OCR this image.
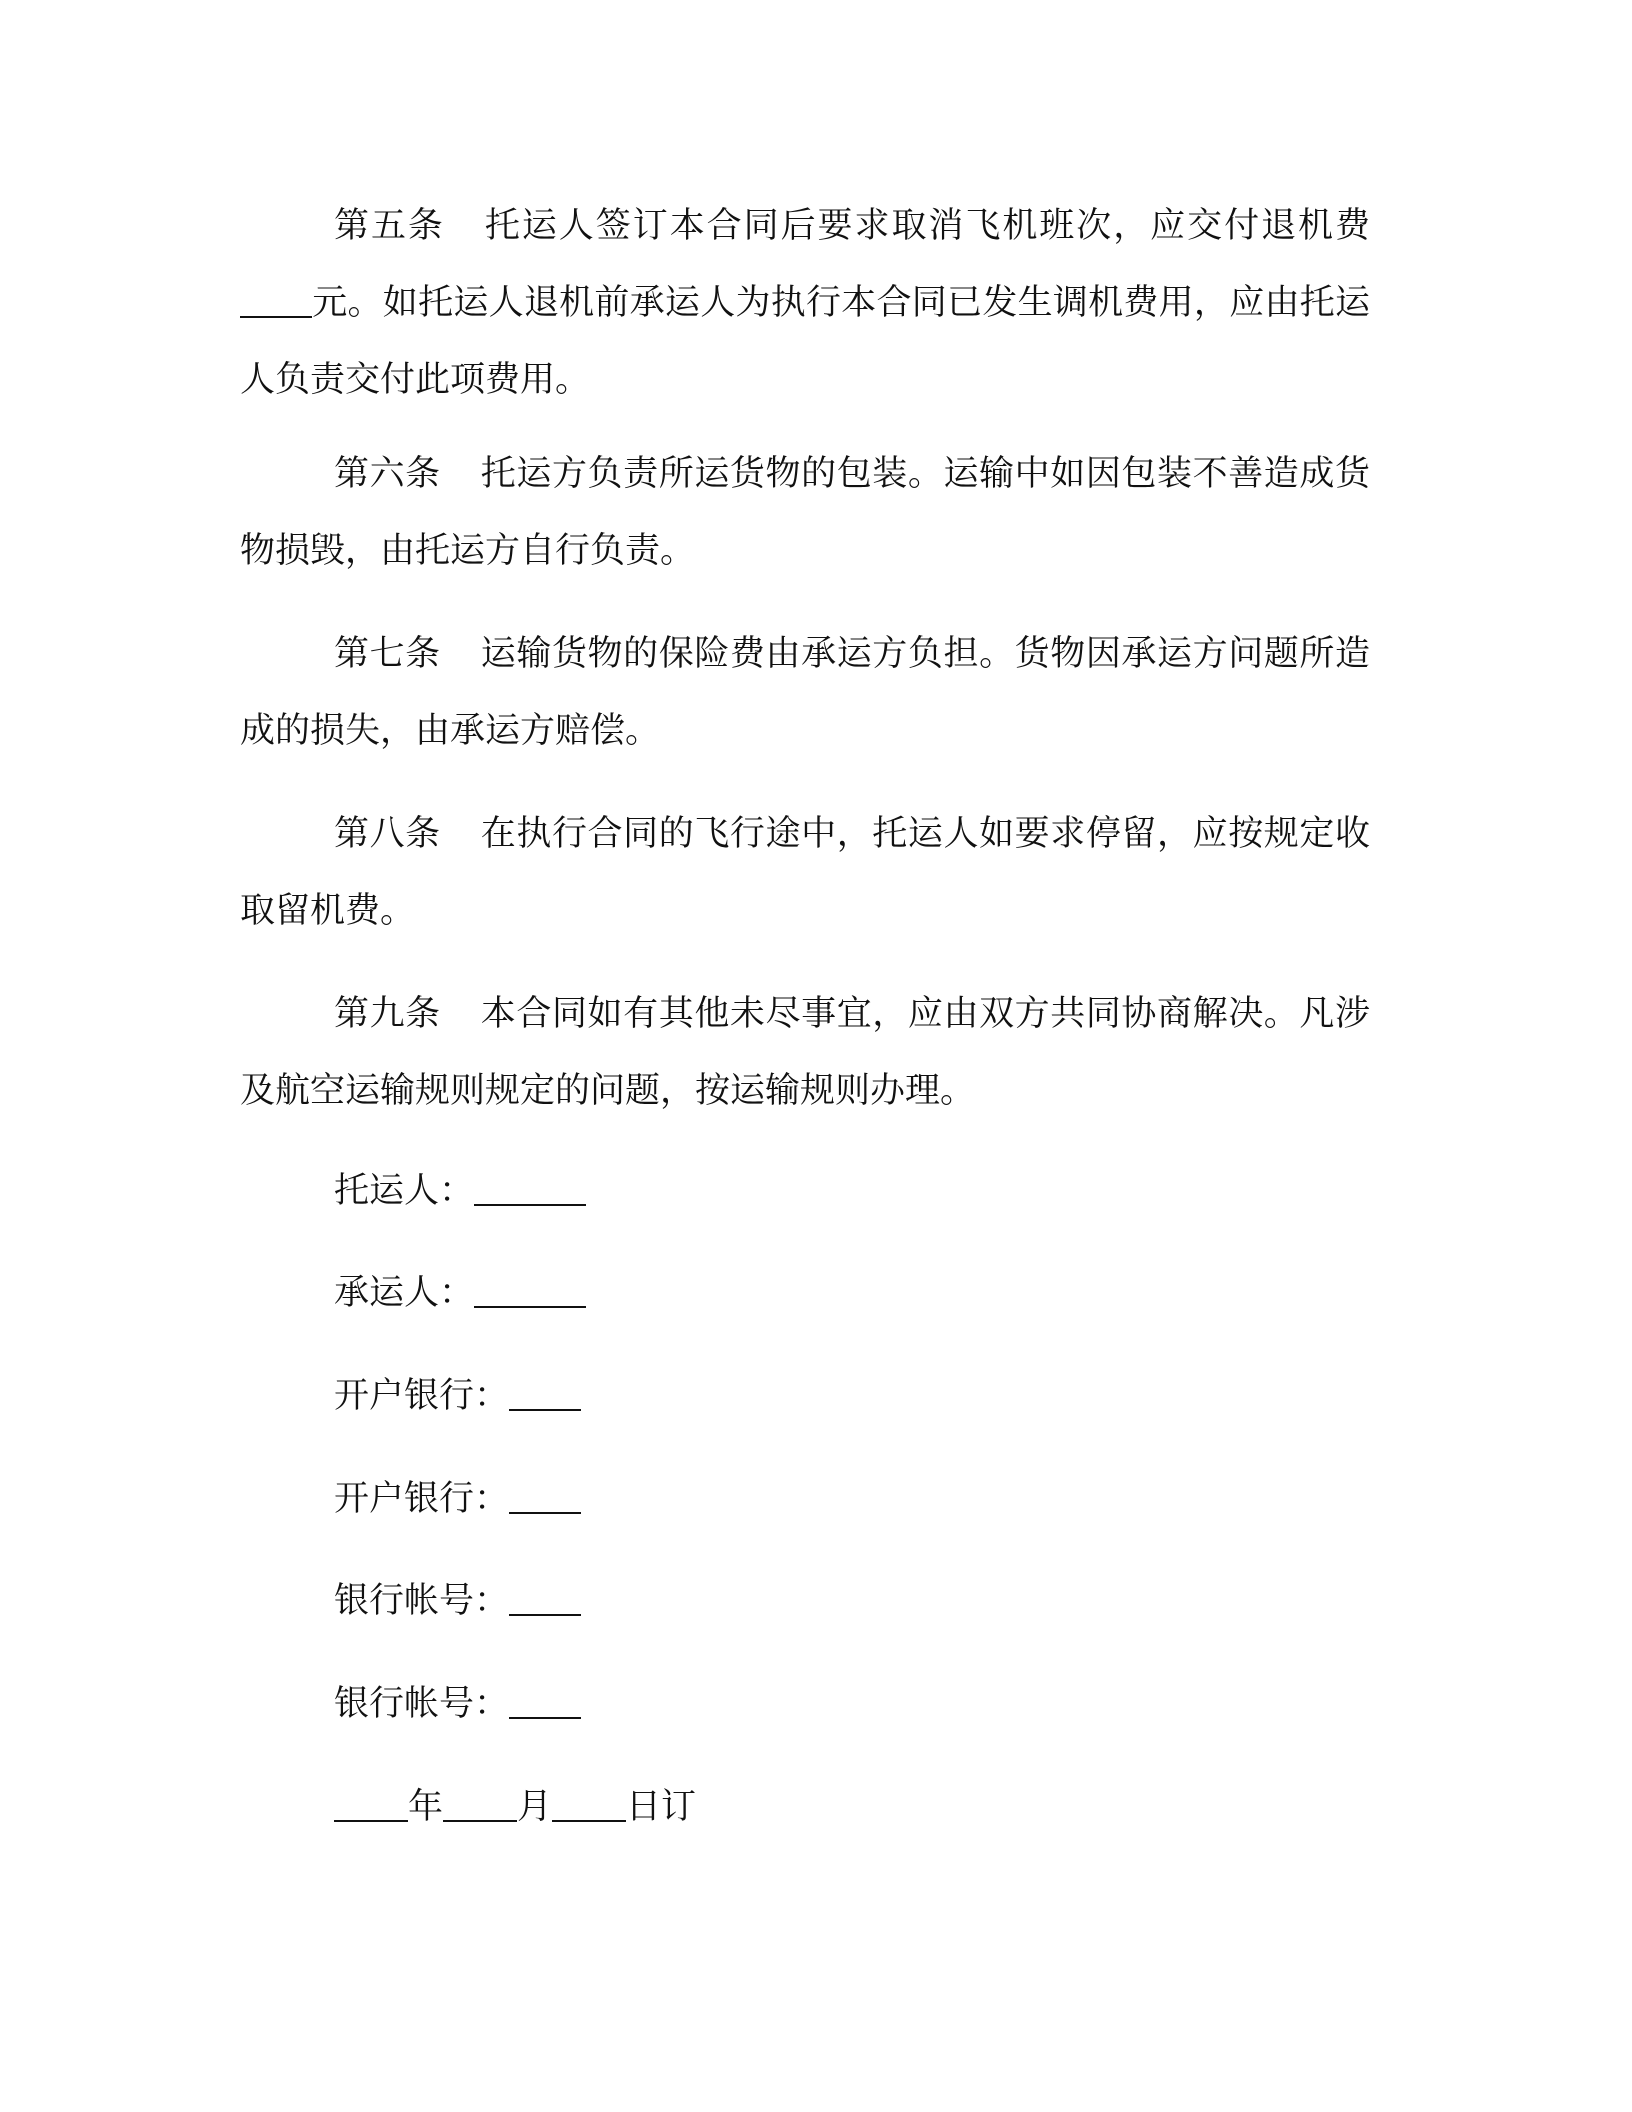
第五条 托运人签订本合同后要求取消飞机班次，应交付退机费元。如托运人退机前承运人为执行本合同已发生调机费用，应由托运人负责交付此项费用。
第六条 托运方负责所运货物的包装。运输中如因包装不善造成货物损毁，由托运方自行负责。
第七条 运输货物的保险费由承运方负担。货物因承运方问题所造成的损失，由承运方赔偿。
第八条 在执行合同的飞行途中，托运人如要求停留，应按规定收取留机费。
第九条 本合同如有其他未尽事宜，应由双方共同协商解决。凡涉及航空运输规则规定的问题，按运输规则办理。
托运人：
承运人：
开户银行：
开户银行：
银行帐号：
银行帐号：
年 月 日订
